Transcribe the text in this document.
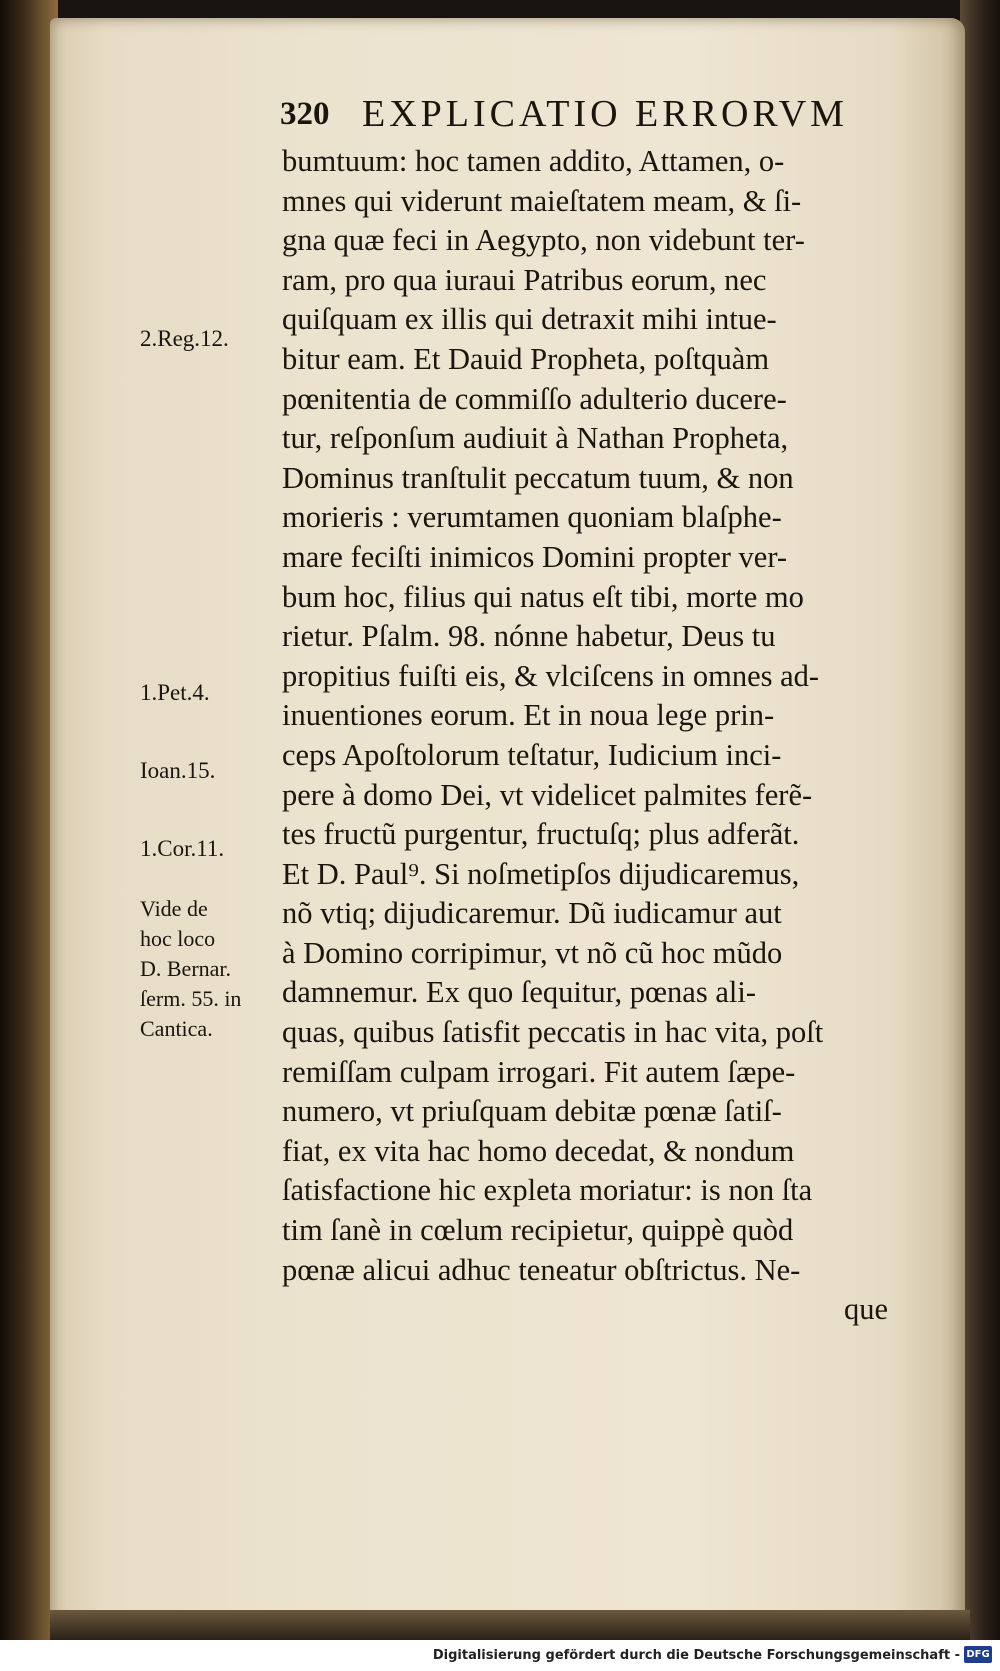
320 EXPLICATIO ERRORVM
bumtuum: hoc tamen addito, Attamen, o-
mnes qui viderunt maieſtatem meam, & ſi-
gna quæ feci in Aegypto, non videbunt ter-
ram, pro qua iuraui Patribus eorum, nec
quiſquam ex illis qui detraxit mihi intue-
bitur eam. Et Dauid Propheta, poſtquàm
pœnitentia de commiſſo adulterio ducere-
tur, reſponſum audiuit à Nathan Propheta,
Dominus tranſtulit peccatum tuum, & non
morieris : verumtamen quoniam blaſphe-
mare feciſti inimicos Domini propter ver-
bum hoc, filius qui natus eſt tibi, morte mo
rietur. Pſalm. 98. nónne habetur, Deus tu
propitius fuiſti eis, & vlciſcens in omnes ad-
inuentiones eorum. Et in noua lege prin-
ceps Apoſtolorum teſtatur, Iudicium inci-
pere à domo Dei, vt videlicet palmites ferẽ-
tes fructũ purgentur, fructuſq; plus adferãt.
Et D. Paul⁹. Si noſmetipſos dijudicaremus,
nõ vtiq; dijudicaremur. Dũ iudicamur aut
à Domino corripimur, vt nõ cũ hoc mũdo
damnemur. Ex quo ſequitur, pœnas ali-
quas, quibus ſatisfit peccatis in hac vita, poſt
remiſſam culpam irrogari. Fit autem ſæpe-
numero, vt priuſquam debitæ pœnæ ſatiſ-
fiat, ex vita hac homo decedat, & nondum
ſatisfactione hic expleta moriatur: is non ſta
tim ſanè in cœlum recipietur, quippè quòd
pœnæ alicui adhuc teneatur obſtrictus. Ne-
que
2.Reg.12.
1.Pet.4.
Ioan.15.
1.Cor.11.
Vide de
hoc loco
D. Bernar.
ſerm. 55. in
Cantica.
Digitalisierung gefördert durch die Deutsche Forschungsgemeinschaft - DFG
